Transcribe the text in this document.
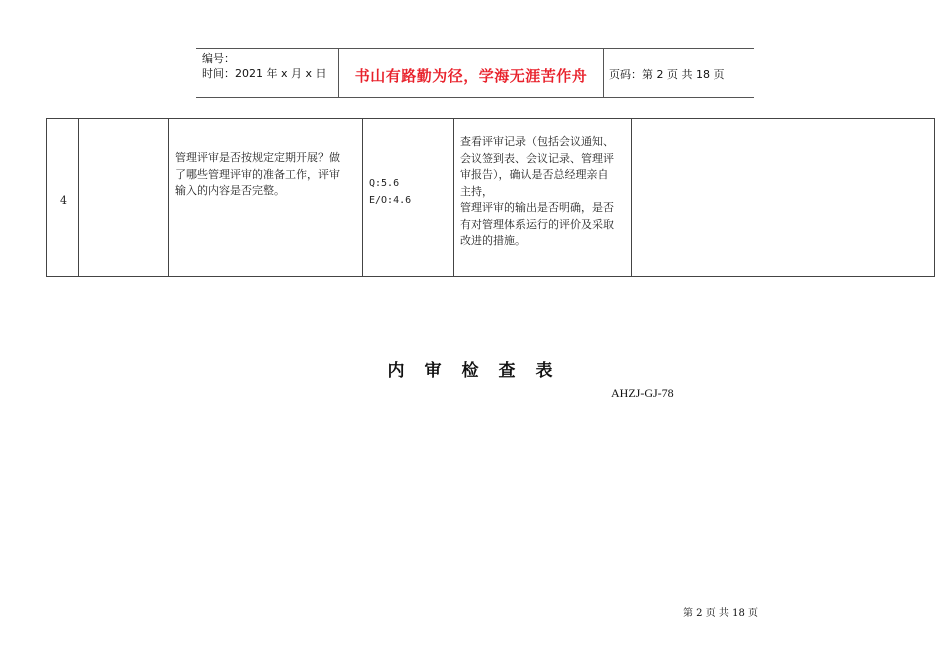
编号：
时间：2021 年 x 月 x 日	书山有路勤为径，学海无涯苦作舟	页码：第 2 页 共 18 页
4
管理评审是否按规定定期开展？做
了哪些管理评审的准备工作，评审
输入的内容是否完整。
Q:5.6
E/O:4.6
查看评审记录（包括会议通知、
会议签到表、会议记录、管理评
审报告），确认是否总经理亲自
主持，
管理评审的输出是否明确，是否
有对管理体系运行的评价及采取
改进的措施。
内审检查表
AHZJ-GJ-78
第 2 页 共 18 页
